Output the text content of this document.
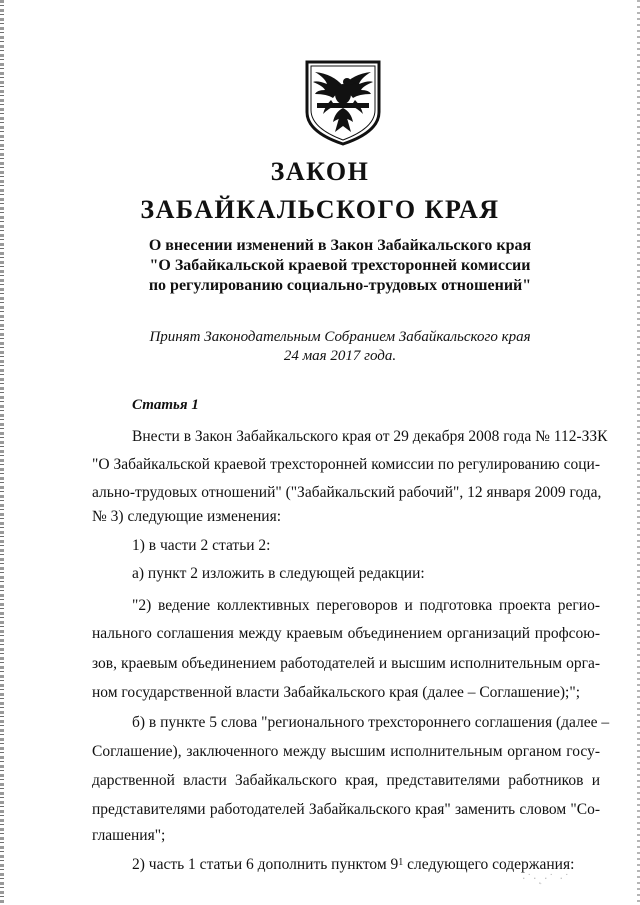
ЗАКОН
ЗАБАЙКАЛЬСКОГО КРАЯ

О внесении изменений в Закон Забайкальского края

"О Забайкальской краевой трехсторонней комиссии

по регулированию социально-трудовых отношений"

Принят Законодательным Собранием Забайкальского края

24 мая 2017 года.

Статья 1

Внести в Закон Забайкальского края от 29 декабря 2008 года № 112-ЗЗК

"О Забайкальской краевой трехсторонней комиссии по регулированию соци-

ально-трудовых отношений" ("Забайкальский рабочий", 12 января 2009 года,

№ 3) следующие изменения:

1) в части 2 статьи 2:

а) пункт 2 изложить в следующей редакции:

"2) ведение коллективных переговоров и подготовка проекта регио-

нального соглашения между краевым объединением организаций профсою-

зов, краевым объединением работодателей и высшим исполнительным орга-

ном государственной власти Забайкальского края (далее – Соглашение);";

б) в пункте 5 слова "регионального трехстороннего соглашения (далее –

Соглашение), заключенного между высшим исполнительным органом госу-

дарственной власти Забайкальского края, представителями работников и

представителями работодателей Забайкальского края" заменить словом "Со-

глашения";

2) часть 1 статьи 6 дополнить пунктом $9^1$ следующего содержания:

·˙·˛·˙ ·˙
